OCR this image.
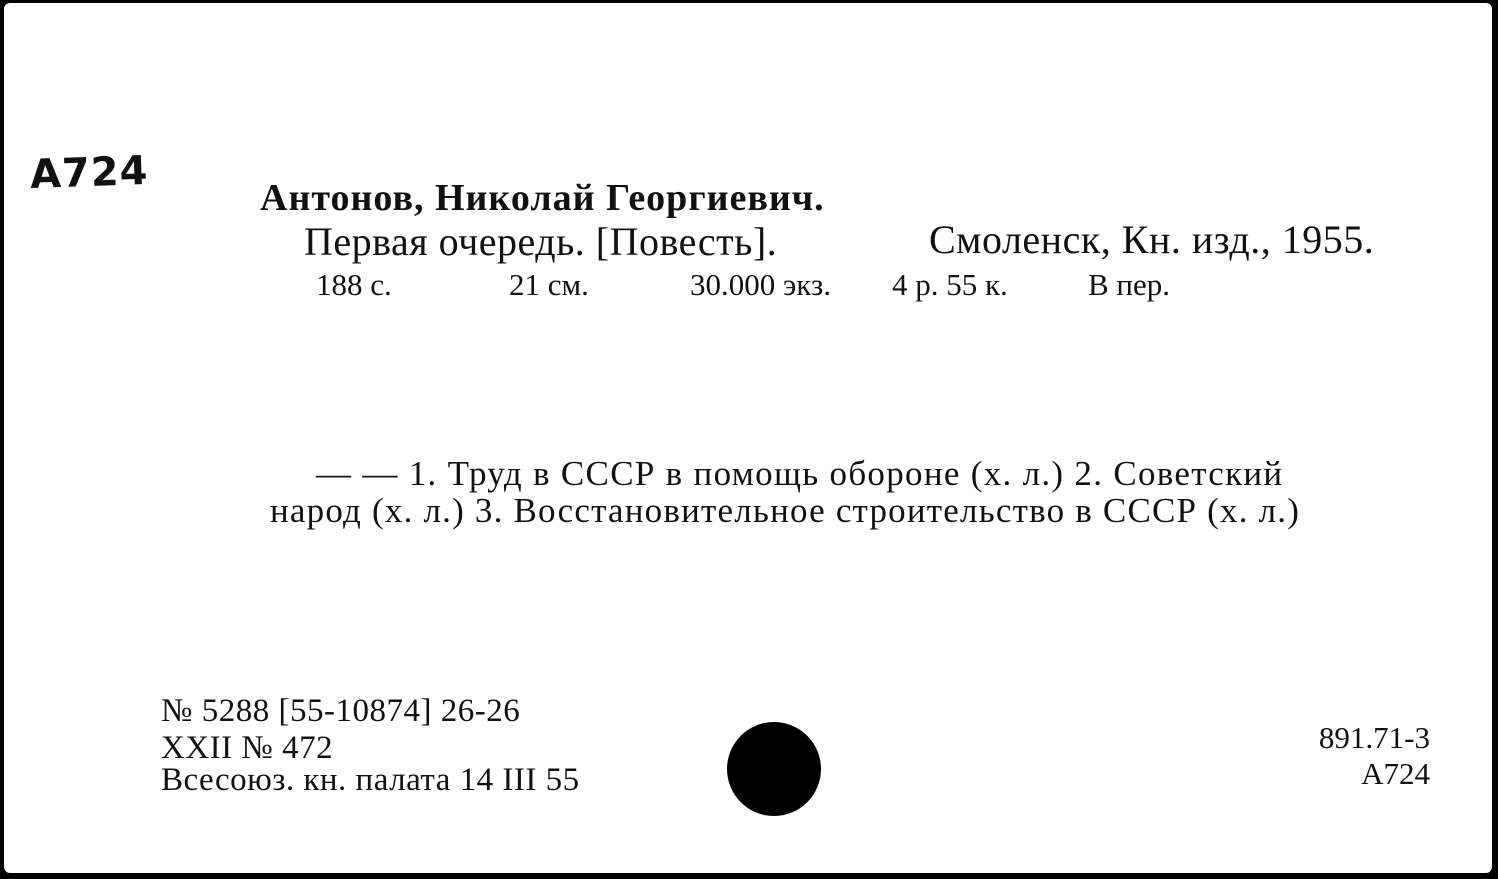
A724	Антонов, Николай Георгиевич.
Первая очередь. [Повесть].	Смоленск, Кн. изд., 1955.
188 с.	21 см.	30.000 экз. 4 р. 55 к.	В пер.
— — 1. Труд в СССР в помощь обороне (х. л.) 2. Советский
народ (х. л.) 3. Восстановительное строительство в СССР (х. л.)
№ 5288 [55-10874] 26-26
XXII № 472
Всесоюз. кн. палата 14 III 55
891.71-3
A724
